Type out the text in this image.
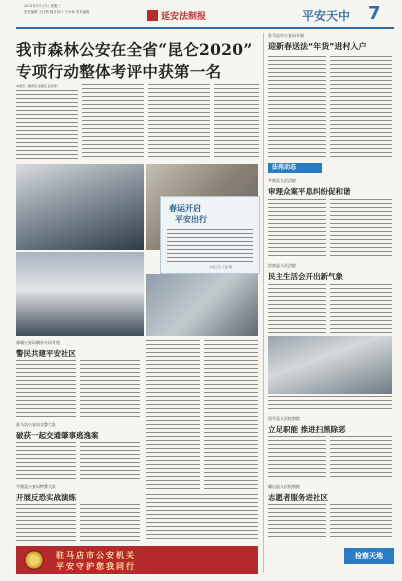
2021年1月27日 星期三
责任编辑 王红利 版式设计 王小林 美术编辑	延安法制报	平安天中 7
我市森林公安在全省“昆仑2020”
专项行动整体考评中获第一名
本报讯（通讯员 张国庆 张菲菲）
驻马店市公安局开展
迎新春送法“年货”进村入户
法苑动态
平舆县人民法院
审理众案平息纠纷促和谐
汝南县人民法院
民主生活会开出新气象
春运开启
平安出行
本报记者 王强 摄
驿城公安局城东分局开展
警民共建平安社区
驻马店公安局交警大队
破获一起交通肇事逃逸案
平舆县公安局特警大队
开展反恐实战演练
西平县人民检察院
立足职能 推进扫黑除恶
确山县人民检察院
志愿者服务进社区
驻马店市公安机关
平安守护您我同行
检察天地
